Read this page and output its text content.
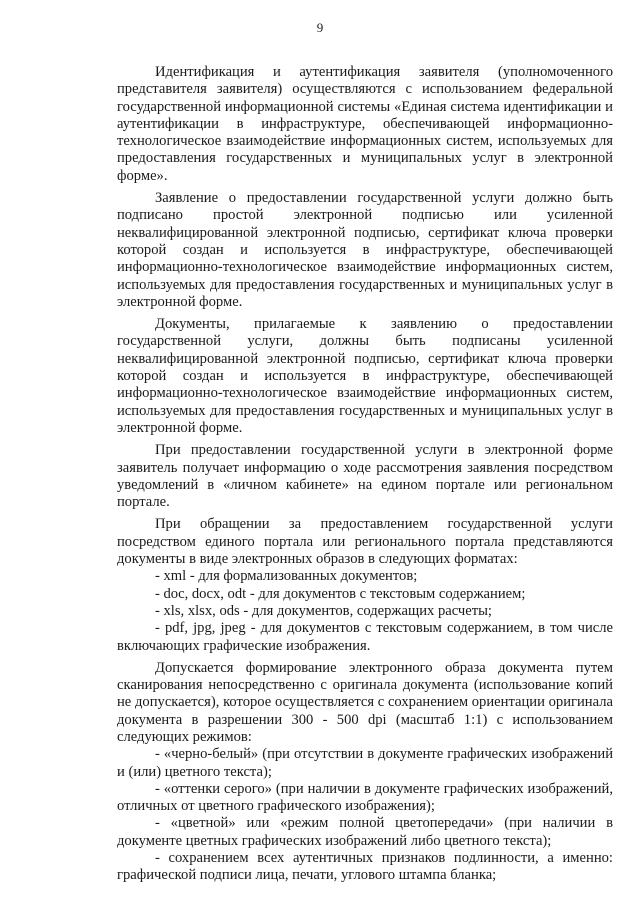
9

Идентификация и аутентификация заявителя (уполномоченного представителя заявителя) осуществляются с использованием федеральной государственной информационной системы «Единая система идентификации и аутентификации в инфраструктуре, обеспечивающей информационно-технологическое взаимодействие информационных систем, используемых для предоставления государственных и муниципальных услуг в электронной форме».

Заявление о предоставлении государственной услуги должно быть подписано простой электронной подписью или усиленной неквалифицированной электронной подписью, сертификат ключа проверки которой создан и используется в инфраструктуре, обеспечивающей информационно-технологическое взаимодействие информационных систем, используемых для предоставления государственных и муниципальных услуг в электронной форме.

Документы, прилагаемые к заявлению о предоставлении государственной услуги, должны быть подписаны усиленной неквалифицированной электронной подписью, сертификат ключа проверки которой создан и используется в инфраструктуре, обеспечивающей информационно-технологическое взаимодействие информационных систем, используемых для предоставления государственных и муниципальных услуг в электронной форме.

При предоставлении государственной услуги в электронной форме заявитель получает информацию о ходе рассмотрения заявления посредством уведомлений в «личном кабинете» на едином портале или региональном портале.

При обращении за предоставлением государственной услуги посредством единого портала или регионального портала представляются документы в виде электронных образов в следующих форматах:

- xml - для формализованных документов;

- doc, docx, odt - для документов с текстовым содержанием;

- xls, xlsx, ods - для документов, содержащих расчеты;

- pdf, jpg, jpeg - для документов с текстовым содержанием, в том числе включающих графические изображения.

Допускается формирование электронного образа документа путем сканирования непосредственно с оригинала документа (использование копий не допускается), которое осуществляется с сохранением ориентации оригинала документа в разрешении 300 - 500 dpi (масштаб 1:1) с использованием следующих режимов:

- «черно-белый» (при отсутствии в документе графических изображений и (или) цветного текста);

- «оттенки серого» (при наличии в документе графических изображений, отличных от цветного графического изображения);

- «цветной» или «режим полной цветопередачи» (при наличии в документе цветных графических изображений либо цветного текста);

- сохранением всех аутентичных признаков подлинности, а именно: графической подписи лица, печати, углового штампа бланка;
